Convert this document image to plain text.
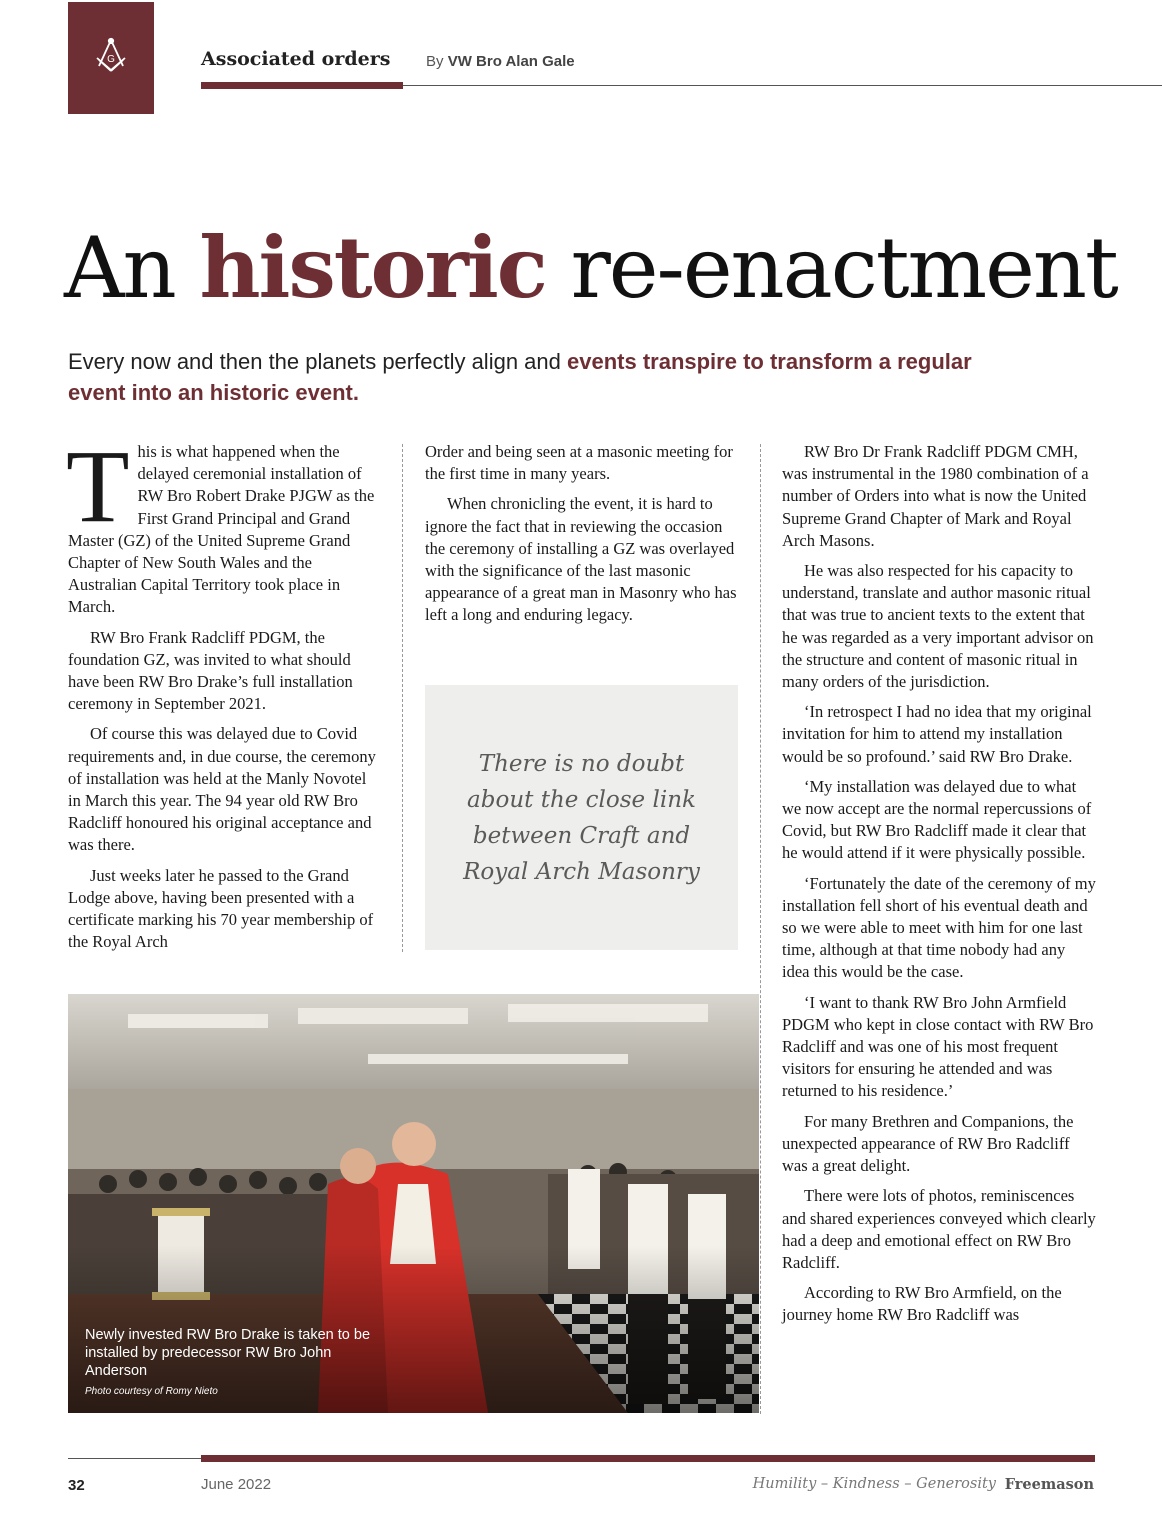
G	Associated orders By VW Bro Alan Gale
An historic re-enactment
Every now and then the planets perfectly align and events transpire to transform a regular event into an historic event.

This is what happened when the delayed ceremonial installation of RW Bro Robert Drake PJGW as the First Grand Principal and Grand Master (GZ) of the United Supreme Grand Chapter of New South Wales and the Australian Capital Territory took place in March.

RW Bro Frank Radcliff PDGM, the foundation GZ, was invited to what should have been RW Bro Drake’s full installation ceremony in September 2021.

Of course this was delayed due to Covid requirements and, in due course, the ceremony of installation was held at the Manly Novotel in March this year. The 94 year old RW Bro Radcliff honoured his original acceptance and was there.

Just weeks later he passed to the Grand Lodge above, having been presented with a certificate marking his 70 year membership of the Royal Arch

Order and being seen at a masonic meeting for the first time in many years.

When chronicling the event, it is hard to ignore the fact that in reviewing the occasion the ceremony of installing a GZ was overlayed with the significance of the last masonic appearance of a great man in Masonry who has left a long and enduring legacy.

There is no doubt about the close link between Craft and Royal Arch Masonry

RW Bro Dr Frank Radcliff PDGM CMH, was instrumental in the 1980 combination of a number of Orders into what is now the United Supreme Grand Chapter of Mark and Royal Arch Masons.

He was also respected for his capacity to understand, translate and author masonic ritual that was true to ancient texts to the extent that he was regarded as a very important advisor on the structure and content of masonic ritual in many orders of the jurisdiction.

‘In retrospect I had no idea that my original invitation for him to attend my installation would be so profound.’ said RW Bro Drake.

‘My installation was delayed due to what we now accept are the normal repercussions of Covid, but RW Bro Radcliff made it clear that he would attend if it were physically possible.

‘Fortunately the date of the ceremony of my installation fell short of his eventual death and so we were able to meet with him for one last time, although at that time nobody had any idea this would be the case.

‘I want to thank RW Bro John Armfield PDGM who kept in close contact with RW Bro Radcliff and was one of his most frequent visitors for ensuring he attended and was returned to his residence.’

For many Brethren and Companions, the unexpected appearance of RW Bro Radcliff was a great delight.

There were lots of photos, reminiscences and shared experiences conveyed which clearly had a deep and emotional effect on RW Bro Radcliff.

According to RW Bro Armfield, on the journey home RW Bro Radcliff was

Newly invested RW Bro Drake is taken to be installed by predecessor RW Bro John Anderson
Photo courtesy of Romy Nieto
32	June 2022	Humility – Kindness – Generosity Freemason
